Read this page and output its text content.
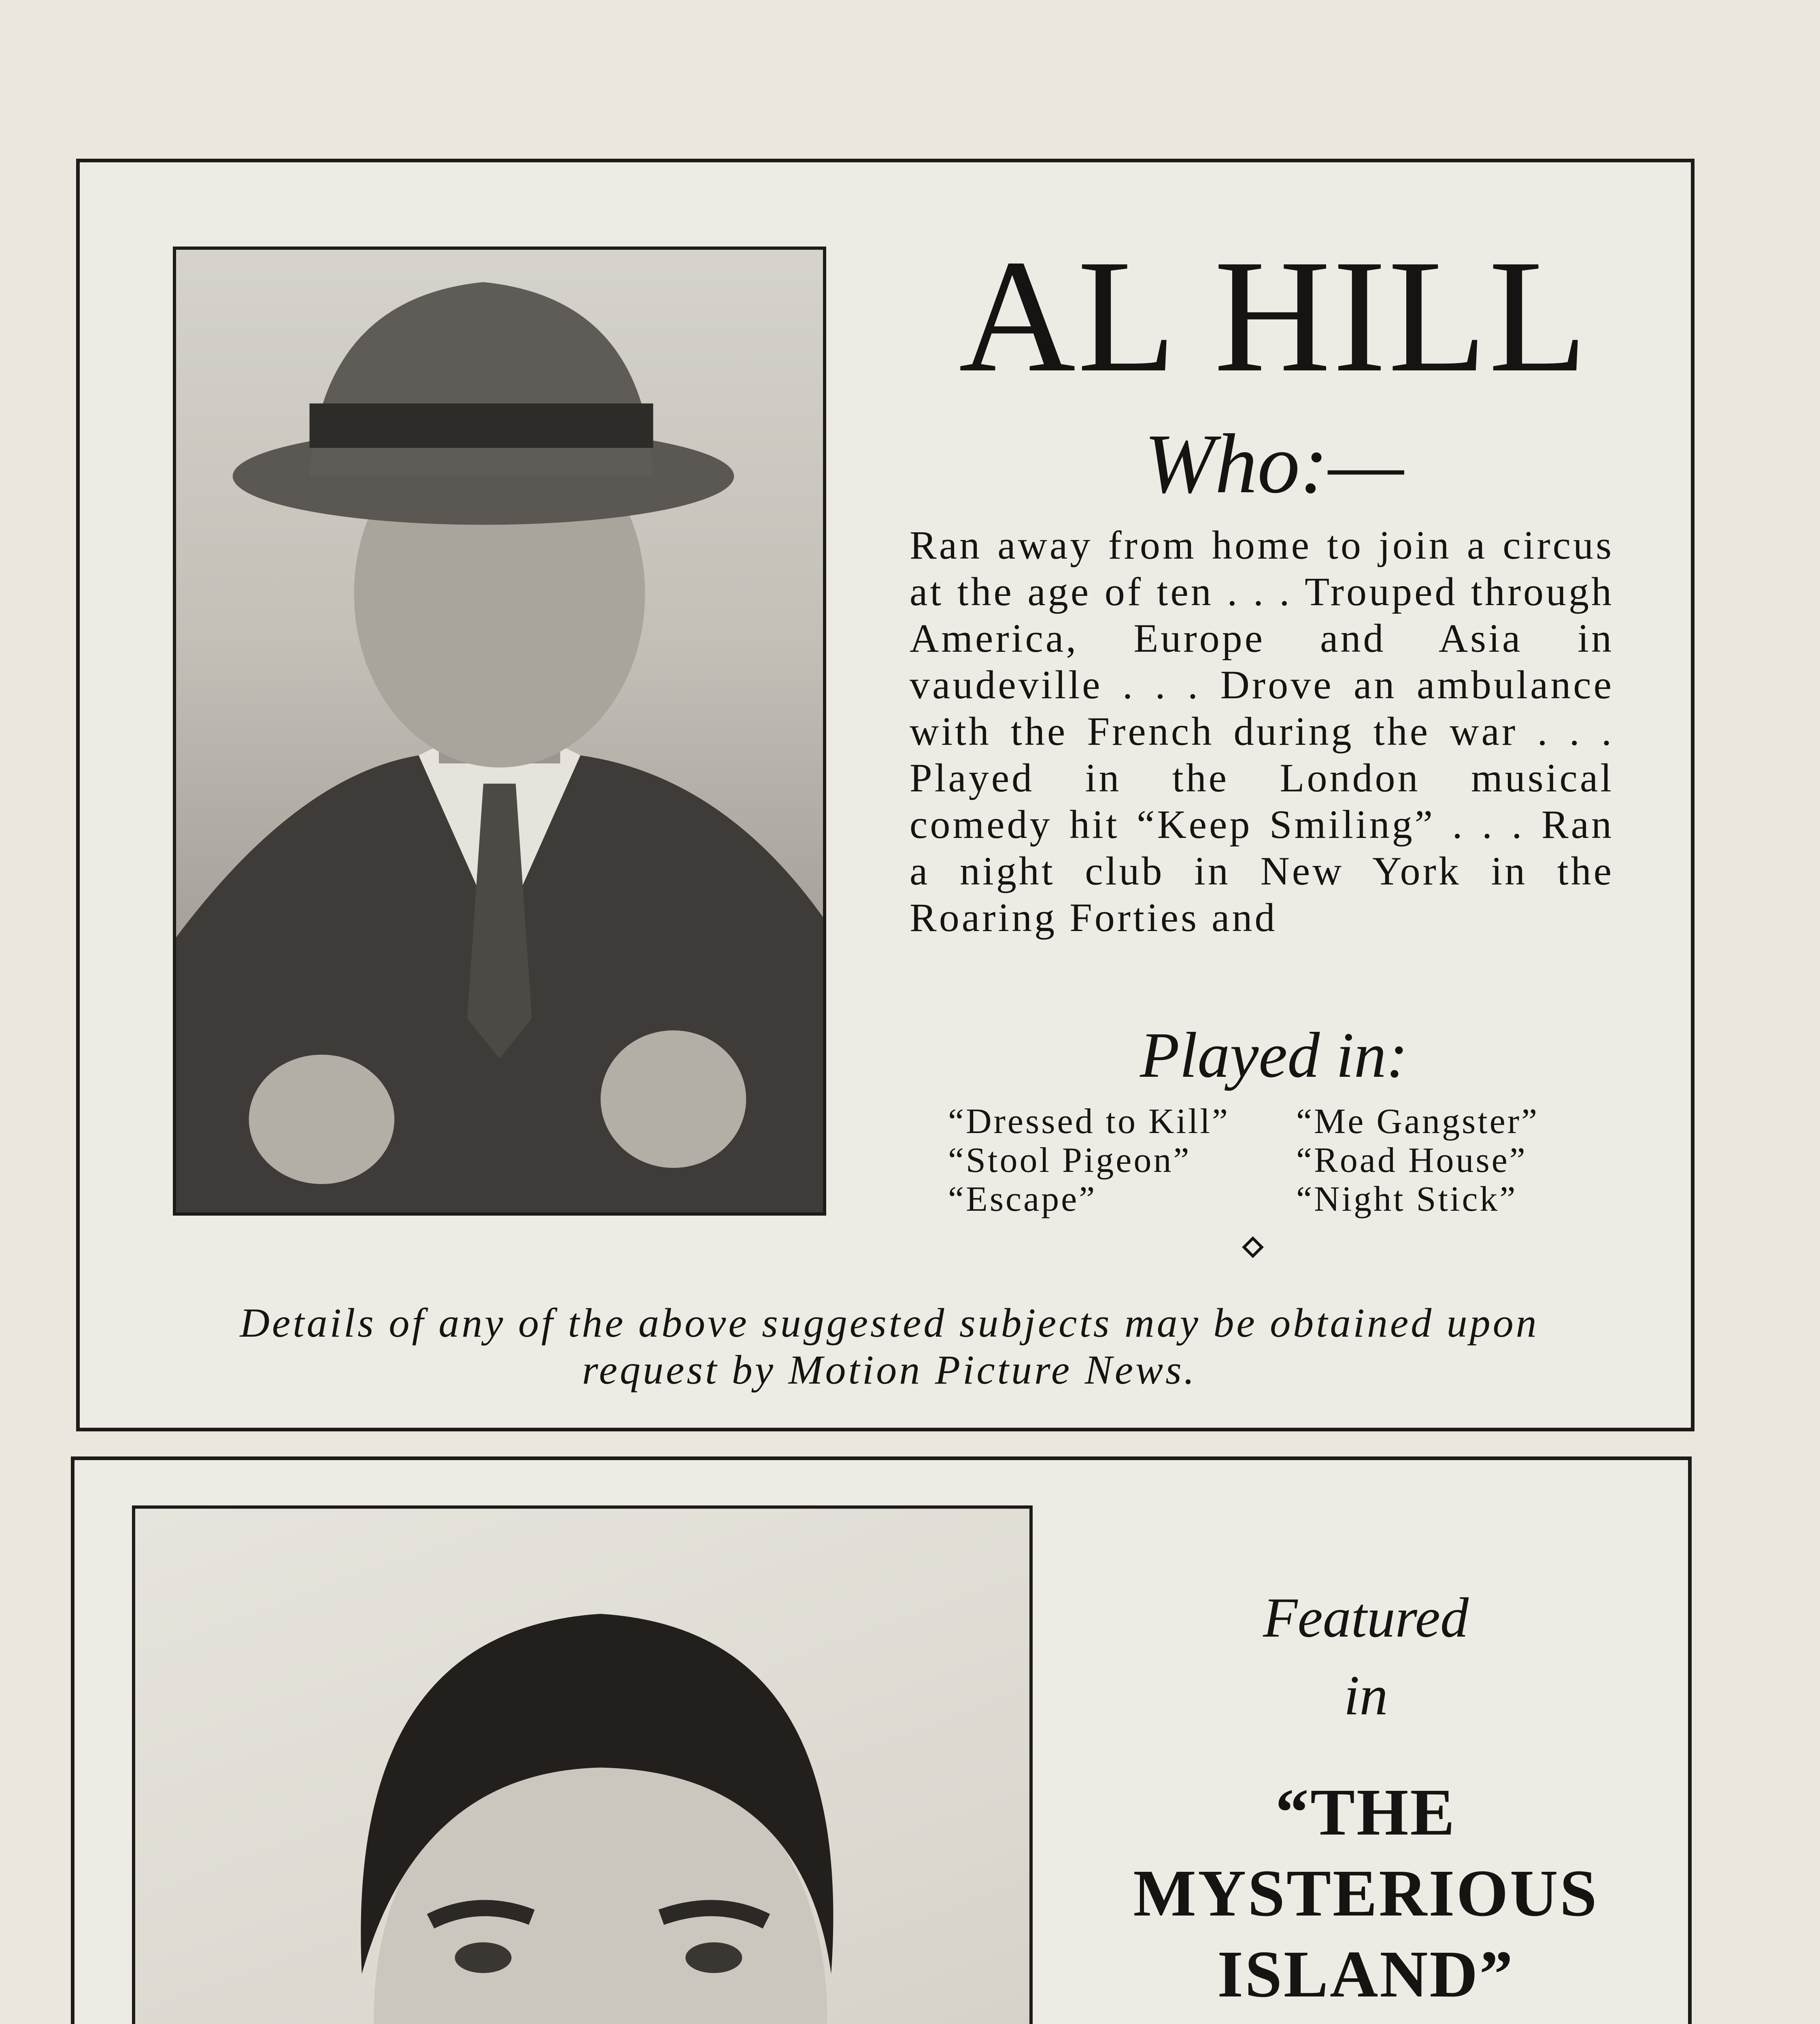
AL HILL
Who:—
Ran away from home to join a circus at the age of ten . . . Trouped through America, Europe and Asia in vaudeville . . . Drove an ambulance with the French during the war . . . Played in the London musical comedy hit “Keep Smiling” . . . Ran a night club in New York in the Roaring Forties and
Played in:
“Dressed to Kill”	“Me Gangster”
“Stool Pigeon”	“Road House”
“Escape”	“Night Stick”
Details of any of the above suggested subjects may be obtained upon request by Motion Picture News.
Featured
in
“THE MYSTERIOUS ISLAND”
